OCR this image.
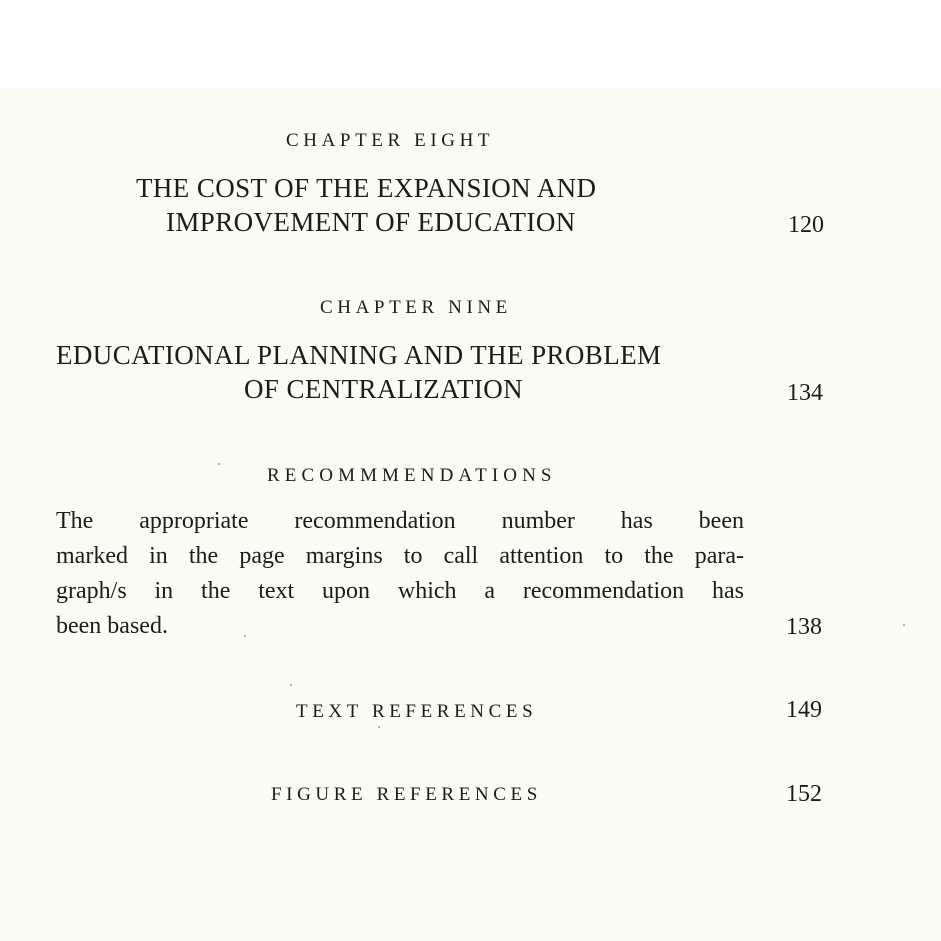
CHAPTER EIGHT
THE COST OF THE EXPANSION AND
IMPROVEMENT OF EDUCATION	120
CHAPTER NINE
EDUCATIONAL PLANNING AND THE PROBLEM
OF CENTRALIZATION	134
RECOMMMENDATIONS
The appropriate recommendation number has been
marked in the page margins to call attention to the para-
graph/s in the text upon which a recommendation has
been based.	138
TEXT REFERENCES	149
FIGURE REFERENCES	152
